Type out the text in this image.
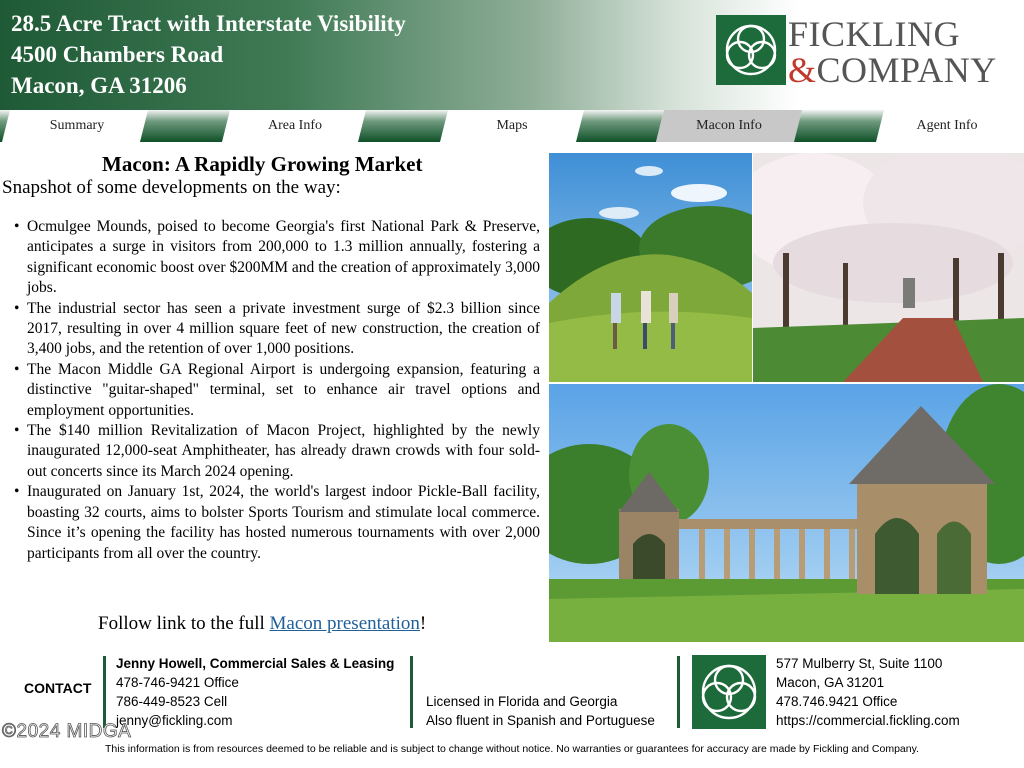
28.5 Acre Tract with Interstate Visibility
4500 Chambers Road
Macon, GA 31206
FICKLING
&COMPANY
Summary	Area Info	Maps	Macon Info	Agent Info
Macon: A Rapidly Growing Market
Snapshot of some developments on the way:
• Ocmulgee Mounds, poised to become Georgia's first National Park & Preserve, anticipates a surge in visitors from 200,000 to 1.3 million annually, fostering a significant economic boost over $200MM and the creation of approximately 3,000 jobs.
• The industrial sector has seen a private investment surge of $2.3 billion since 2017, resulting in over 4 million square feet of new construction, the creation of 3,400 jobs, and the retention of over 1,000 positions.
• The Macon Middle GA Regional Airport is undergoing expansion, featuring a distinctive "guitar-shaped" terminal, set to enhance air travel options and employment opportunities.
• The $140 million Revitalization of Macon Project, highlighted by the newly inaugurated 12,000-seat Amphitheater, has already drawn crowds with four sold-out concerts since its March 2024 opening.
• Inaugurated on January 1st, 2024, the world's largest indoor Pickle-Ball facility, boasting 32 courts, aims to bolster Sports Tourism and stimulate local commerce. Since it’s opening the facility has hosted numerous tournaments with over 2,000 participants from all over the country.
Follow link to the full Macon presentation!
CONTACT
Jenny Howell, Commercial Sales & Leasing
478-746-9421 Office
786-449-8523 Cell
jenny@fickling.com
Licensed in Florida and Georgia
Also fluent in Spanish and Portuguese
577 Mulberry St, Suite 1100
Macon, GA 31201
478.746.9421 Office
https://commercial.fickling.com
©2024 MIDGA
This information is from resources deemed to be reliable and is subject to change without notice. No warranties or guarantees for accuracy are made by Fickling and Company.
